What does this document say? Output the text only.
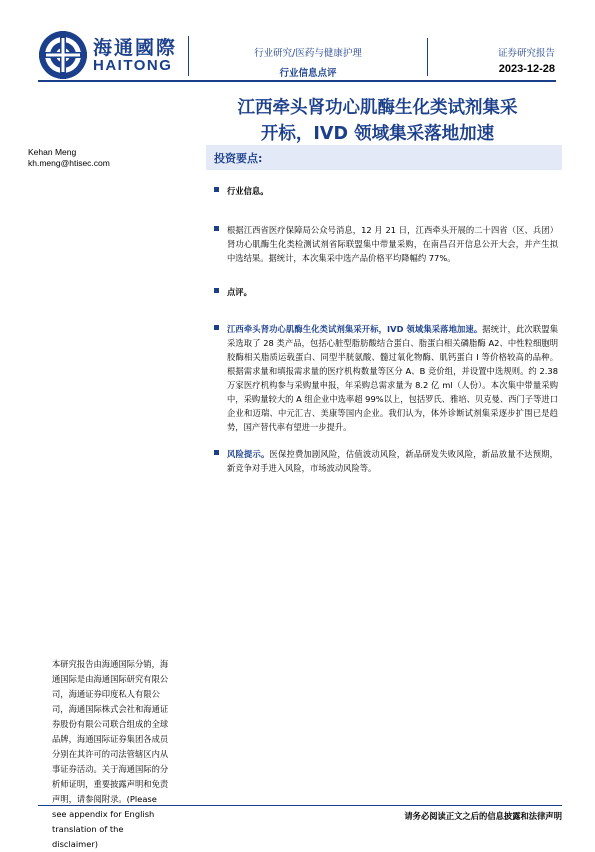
海通國際
HAITONG
行业研究/医药与健康护理
行业信息点评
证券研究报告
2023-12-28
江西牵头肾功心肌酶生化类试剂集采
开标，IVD 领域集采落地加速
Kehan Meng
kh.meng@htisec.com	投资要点:
行业信息。
根据江西省医疗保障局公众号消息，12 月 21 日，江西牵头开展的二十四省（区、兵团）肾功心肌酶生化类检测试剂省际联盟集中带量采购，在南昌召开信息公开大会，并产生拟中选结果。据统计，本次集采中选产品价格平均降幅约 77%。
点评。
江西牵头肾功心肌酶生化类试剂集采开标，IVD 领域集采落地加速。据统计，此次联盟集采选取了 28 类产品，包括心脏型脂肪酸结合蛋白、脂蛋白相关磷脂酶 A2、中性粒细胞明胶酶相关脂质运载蛋白、同型半胱氨酸、髓过氧化物酶、肌钙蛋白 I 等价格较高的品种。根据需求量和填报需求量的医疗机构数量等区分 A、B 竞价组，并设置中选规则。约 2.38 万家医疗机构参与采购量申报，年采购总需求量为 8.2 亿 ml（人份）。本次集中带量采购中，采购量较大的 A 组企业中选率超 99%以上，包括罗氏、雅培、贝克曼、西门子等进口企业和迈瑞、中元汇吉、美康等国内企业。我们认为，体外诊断试剂集采逐步扩围已是趋势，国产替代率有望进一步提升。
风险提示。医保控费加剧风险，估值波动风险，新品研发失败风险，新品放量不达预期，新竞争对手进入风险，市场波动风险等。
本研究报告由海通国际分销，海通国际是由海通国际研究有限公司，海通证券印度私人有限公司，海通国际株式会社和海通证券股份有限公司联合组成的全球品牌，海通国际证券集团各成员分别在其许可的司法管辖区内从事证券活动。关于海通国际的分析师证明，重要披露声明和免责声明，请参阅附录。(Please see appendix for English translation of the disclaimer)
请务必阅读正文之后的信息披露和法律声明
